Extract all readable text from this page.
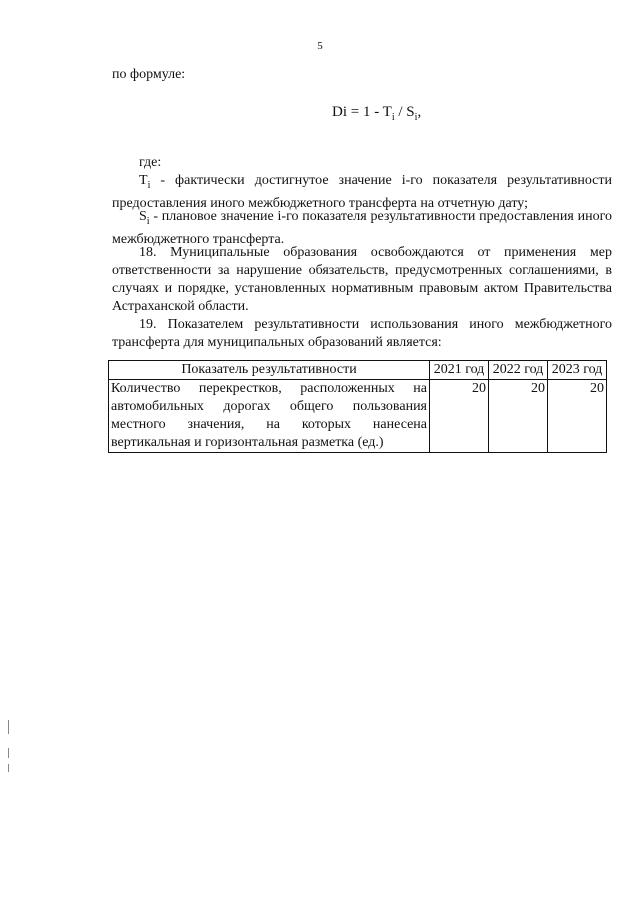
5
по формуле:
$Di = 1 - T_i / S_i$,
где:

$T_i$ - фактически достигнутое значение i-го показателя результативности предоставления иного межбюджетного трансферта на отчетную дату;

$S_i$ - плановое значение i-го показателя результативности предоставления иного межбюджетного трансферта.

18. Муниципальные образования освобождаются от применения мер ответственности за нарушение обязательств, предусмотренных соглашениями, в случаях и порядке, установленных нормативным правовым актом Правительства Астраханской области.

19. Показателем результативности использования иного межбюджетного трансферта для муниципальных образований является:

Показатель результативности	2021 год	2022 год	2023 год
Количество перекрестков, расположенных на автомобильных дорогах общего пользования местного значения, на которых нанесена вертикальная и горизонтальная разметка (ед.)	20	20	20
